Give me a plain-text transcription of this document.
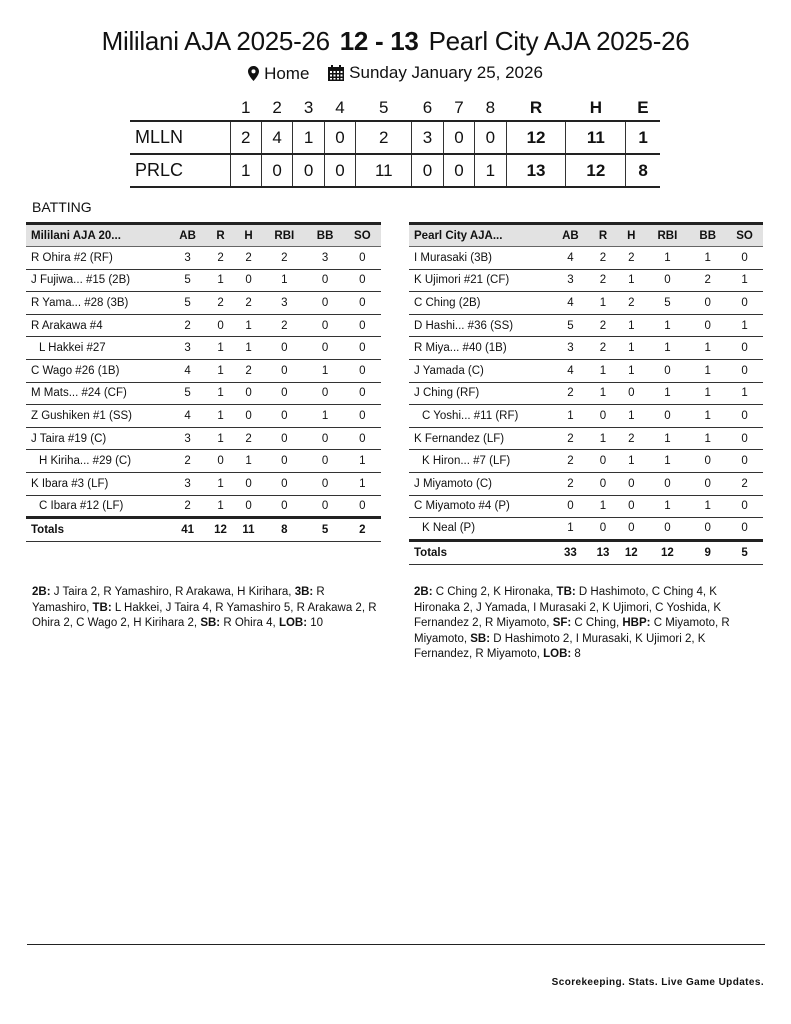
Mililani AJA 2025-26 12 - 13 Pearl City AJA 2025-26
Home
Sunday January 25, 2026
	1	2	3	4	5	6	7	8	R	H	E
MLLN	2	4	1	0	2	3	0	0	12	11	1
PRLC	1	0	0	0	11	0	0	1	13	12	8
BATTING
Mililani AJA 20...	AB	R	H	RBI	BB	SO
R Ohira #2 (RF)	3	2	2	2	3	0
J Fujiwa... #15 (2B)	5	1	0	1	0	0
R Yama... #28 (3B)	5	2	2	3	0	0
R Arakawa #4	2	0	1	2	0	0
L Hakkei #27	3	1	1	0	0	0
C Wago #26 (1B)	4	1	2	0	1	0
M Mats... #24 (CF)	5	1	0	0	0	0
Z Gushiken #1 (SS)	4	1	0	0	1	0
J Taira #19 (C)	3	1	2	0	0	0
H Kiriha... #29 (C)	2	0	1	0	0	1
K Ibara #3 (LF)	3	1	0	0	0	1
C Ibara #12 (LF)	2	1	0	0	0	0
Totals	41	12	11	8	5	2
Pearl City AJA...	AB	R	H	RBI	BB	SO
I Murasaki (3B)	4	2	2	1	1	0
K Ujimori #21 (CF)	3	2	1	0	2	1
C Ching (2B)	4	1	2	5	0	0
D Hashi... #36 (SS)	5	2	1	1	0	1
R Miya... #40 (1B)	3	2	1	1	1	0
J Yamada (C)	4	1	1	0	1	0
J Ching (RF)	2	1	0	1	1	1
C Yoshi... #11 (RF)	1	0	1	0	1	0
K Fernandez (LF)	2	1	2	1	1	0
K Hiron... #7 (LF)	2	0	1	1	0	0
J Miyamoto (C)	2	0	0	0	0	2
C Miyamoto #4 (P)	0	1	0	1	1	0
K Neal (P)	1	0	0	0	0	0
Totals	33	13	12	12	9	5
2B: J Taira 2, R Yamashiro, R Arakawa, H Kirihara, 3B: R Yamashiro, TB: L Hakkei, J Taira 4, R Yamashiro 5, R Arakawa 2, R Ohira 2, C Wago 2, H Kirihara 2, SB: R Ohira 4, LOB: 10
2B: C Ching 2, K Hironaka, TB: D Hashimoto, C Ching 4, K Hironaka 2, J Yamada, I Murasaki 2, K Ujimori, C Yoshida, K Fernandez 2, R Miyamoto, SF: C Ching, HBP: C Miyamoto, R Miyamoto, SB: D Hashimoto 2, I Murasaki, K Ujimori 2, K Fernandez, R Miyamoto, LOB: 8
Scorekeeping. Stats. Live Game Updates.
